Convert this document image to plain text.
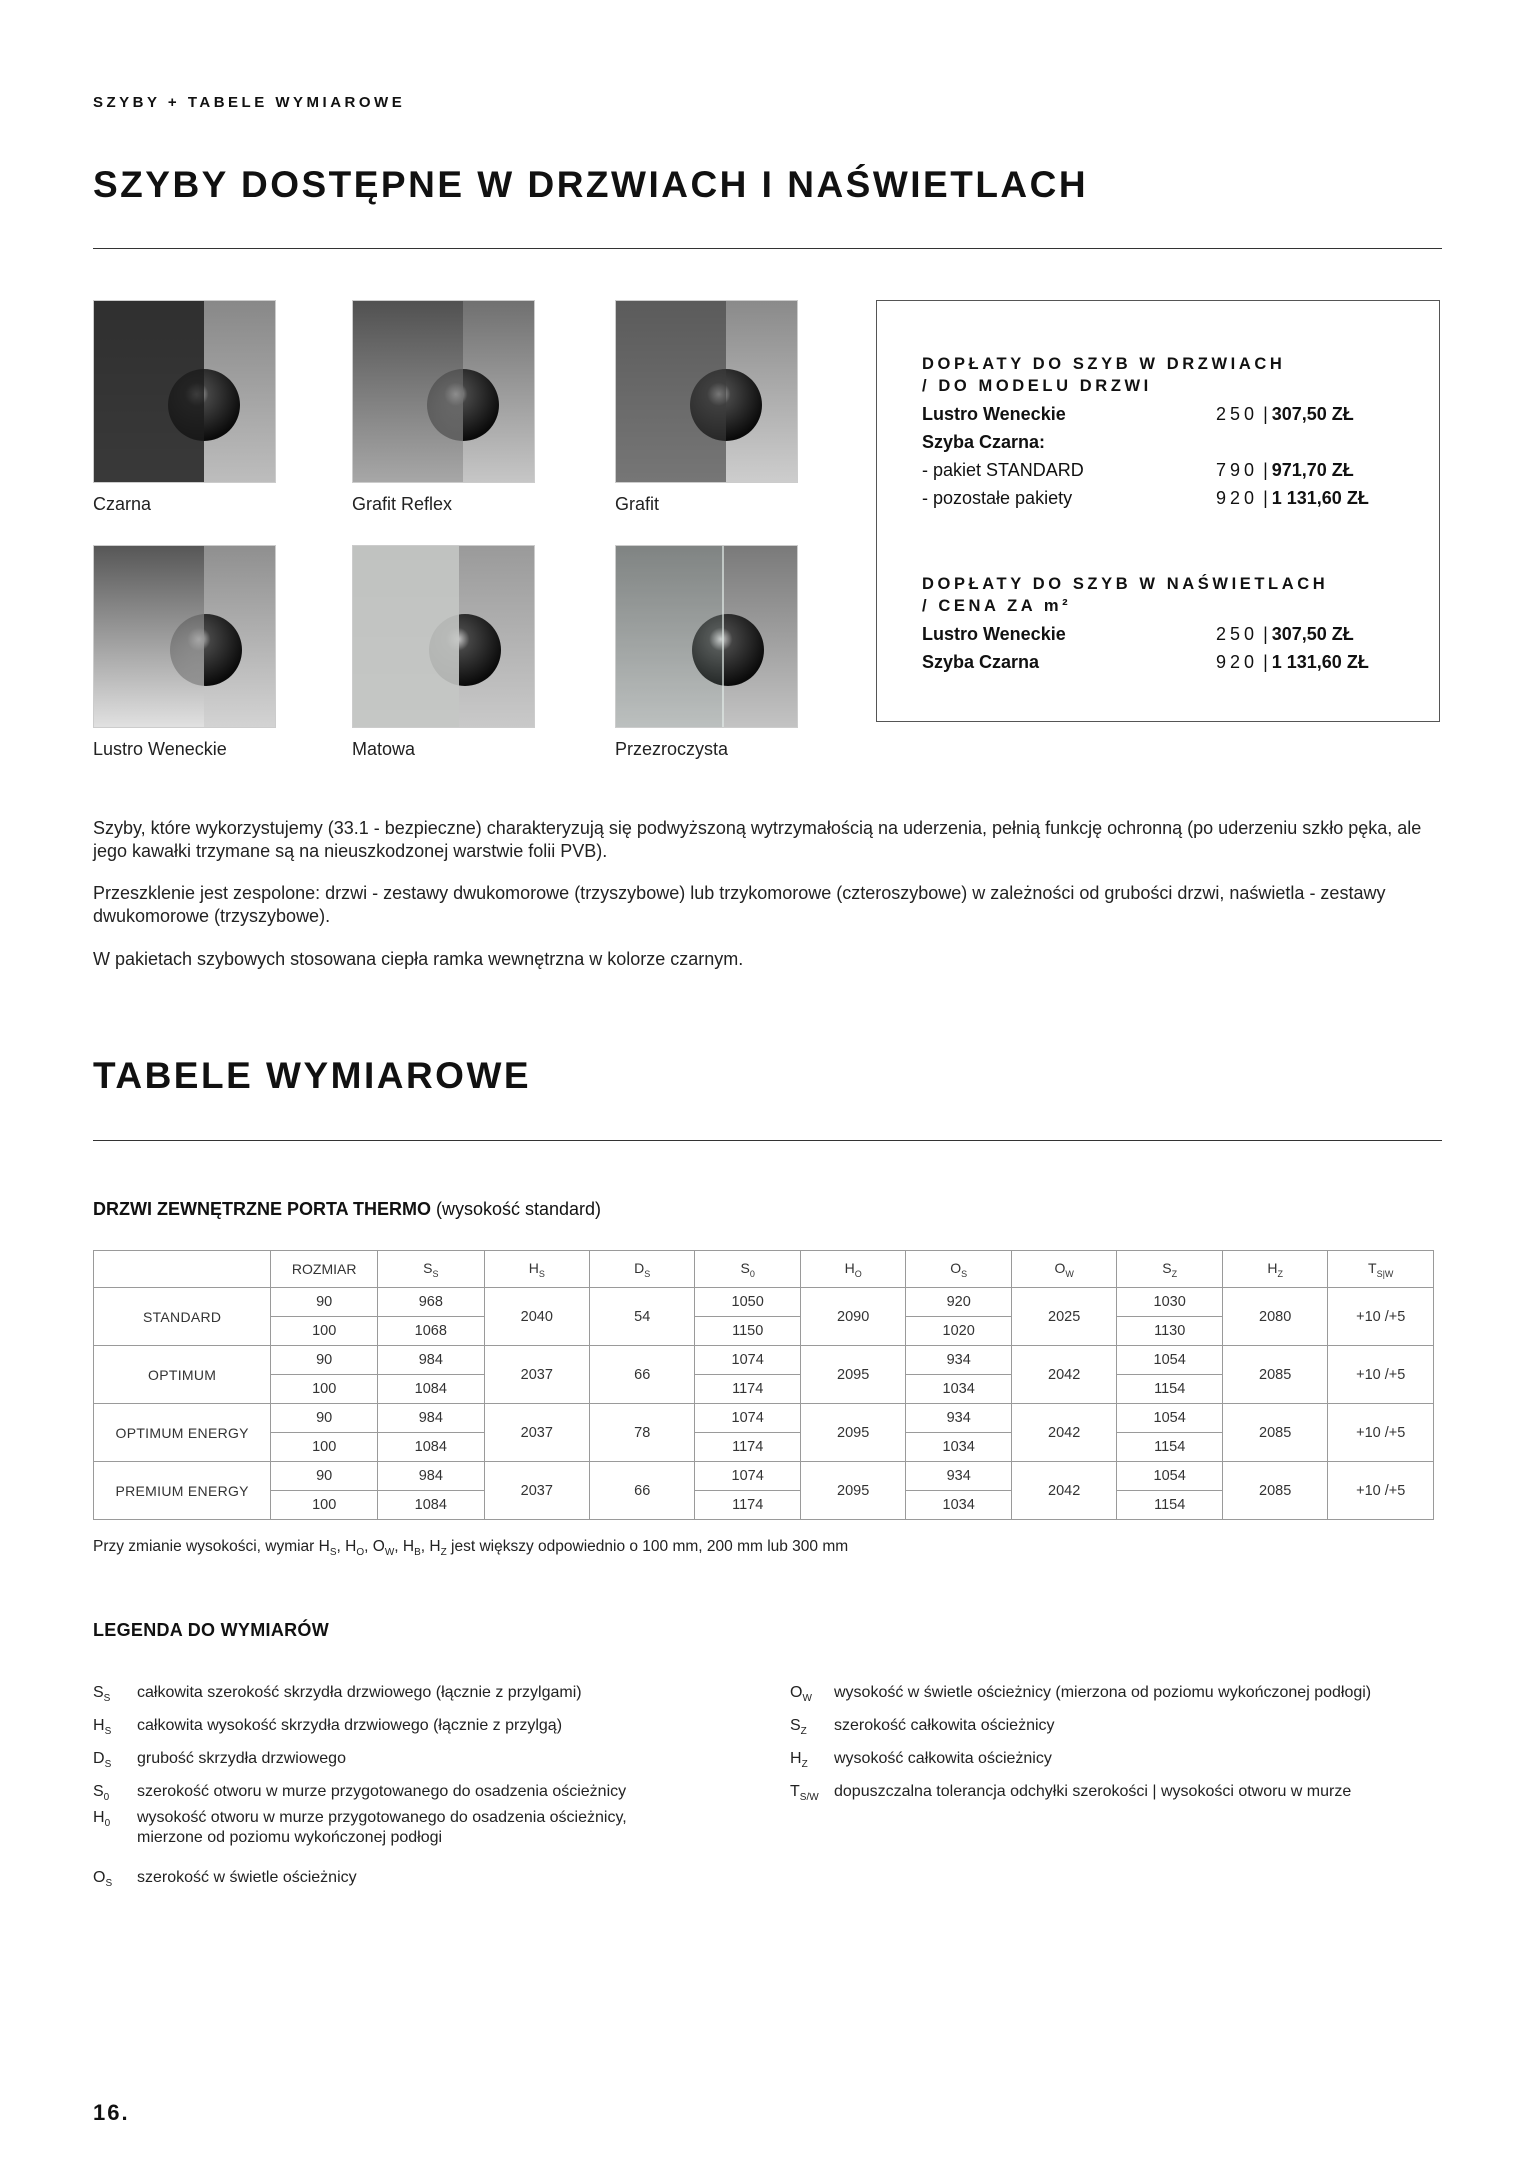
SZYBY + TABELE WYMIAROWE
SZYBY DOSTĘPNE W DRZWIACH I NAŚWIETLACH
Czarna	Grafit Reflex	Grafit
Lustro Weneckie	Matowa	Przezroczysta
DOPŁATY DO SZYB W DRZWIACH
/ DO MODELU DRZWI
Lustro Weneckie	250 | 307,50 ZŁ
Szyba Czarna:
- pakiet STANDARD	790 | 971,70 ZŁ
- pozostałe pakiety	920 | 1 131,60 ZŁ
DOPŁATY DO SZYB W NAŚWIETLACH
/ CENA ZA m²
Lustro Weneckie	250 | 307,50 ZŁ
Szyba Czarna	920 | 1 131,60 ZŁ

Szyby, które wykorzystujemy (33.1 - bezpieczne) charakteryzują się podwyższoną wytrzymałością na uderzenia, pełnią funkcję ochronną (po uderzeniu szkło pęka, ale jego kawałki trzymane są na nieuszkodzonej warstwie folii PVB).

Przeszklenie jest zespolone: drzwi - zestawy dwukomorowe (trzyszybowe) lub trzykomorowe (czteroszybowe) w zależności od grubości drzwi, naświetla - zestawy dwukomorowe (trzyszybowe).

W pakietach szybowych stosowana ciepła ramka wewnętrzna w kolorze czarnym.

TABELE WYMIAROWE
DRZWI ZEWNĘTRZNE PORTA THERMO (wysokość standard)
	ROZMIAR	$S_S$	$H_S$	$D_S$	$S_0$	$H_O$	$O_S$	$O_W$	$S_Z$	$H_Z$	$T_{S|W}$
STANDARD	90	968	2040	54	1050	2090	920	2025	1030	2080	+10 /+5
	100	1068			1150		1020		1130		
OPTIMUM	90	984	2037	66	1074	2095	934	2042	1054	2085	+10 /+5
	100	1084			1174		1034		1154		
OPTIMUM ENERGY	90	984	2037	78	1074	2095	934	2042	1054	2085	+10 /+5
	100	1084			1174		1034		1154		
PREMIUM ENERGY	90	984	2037	66	1074	2095	934	2042	1054	2085	+10 /+5
	100	1084			1174		1034		1154		
Przy zmianie wysokości, wymiar $H_S$, $H_O$, $O_W$, $H_B$, $H_Z$ jest większy odpowiednio o 100 mm, 200 mm lub 300 mm
LEGENDA DO WYMIARÓW
$S_S$ całkowita szerokość skrzydła drzwiowego (łącznie z przylgami)
$H_S$ całkowita wysokość skrzydła drzwiowego (łącznie z przylgą)
$D_S$ grubość skrzydła drzwiowego
$S_0$ szerokość otworu w murze przygotowanego do osadzenia ościeżnicy
$H_0$ wysokość otworu w murze przygotowanego do osadzenia ościeżnicy,
mierzone od poziomu wykończonej podłogi
$O_S$ szerokość w świetle ościeżnicy
$O_W$ wysokość w świetle ościeżnicy (mierzona od poziomu wykończonej podłogi)
$S_Z$ szerokość całkowita ościeżnicy
$H_Z$ wysokość całkowita ościeżnicy
$T_{S/W}$ dopuszczalna tolerancja odchyłki szerokości | wysokości otworu w murze
16.
